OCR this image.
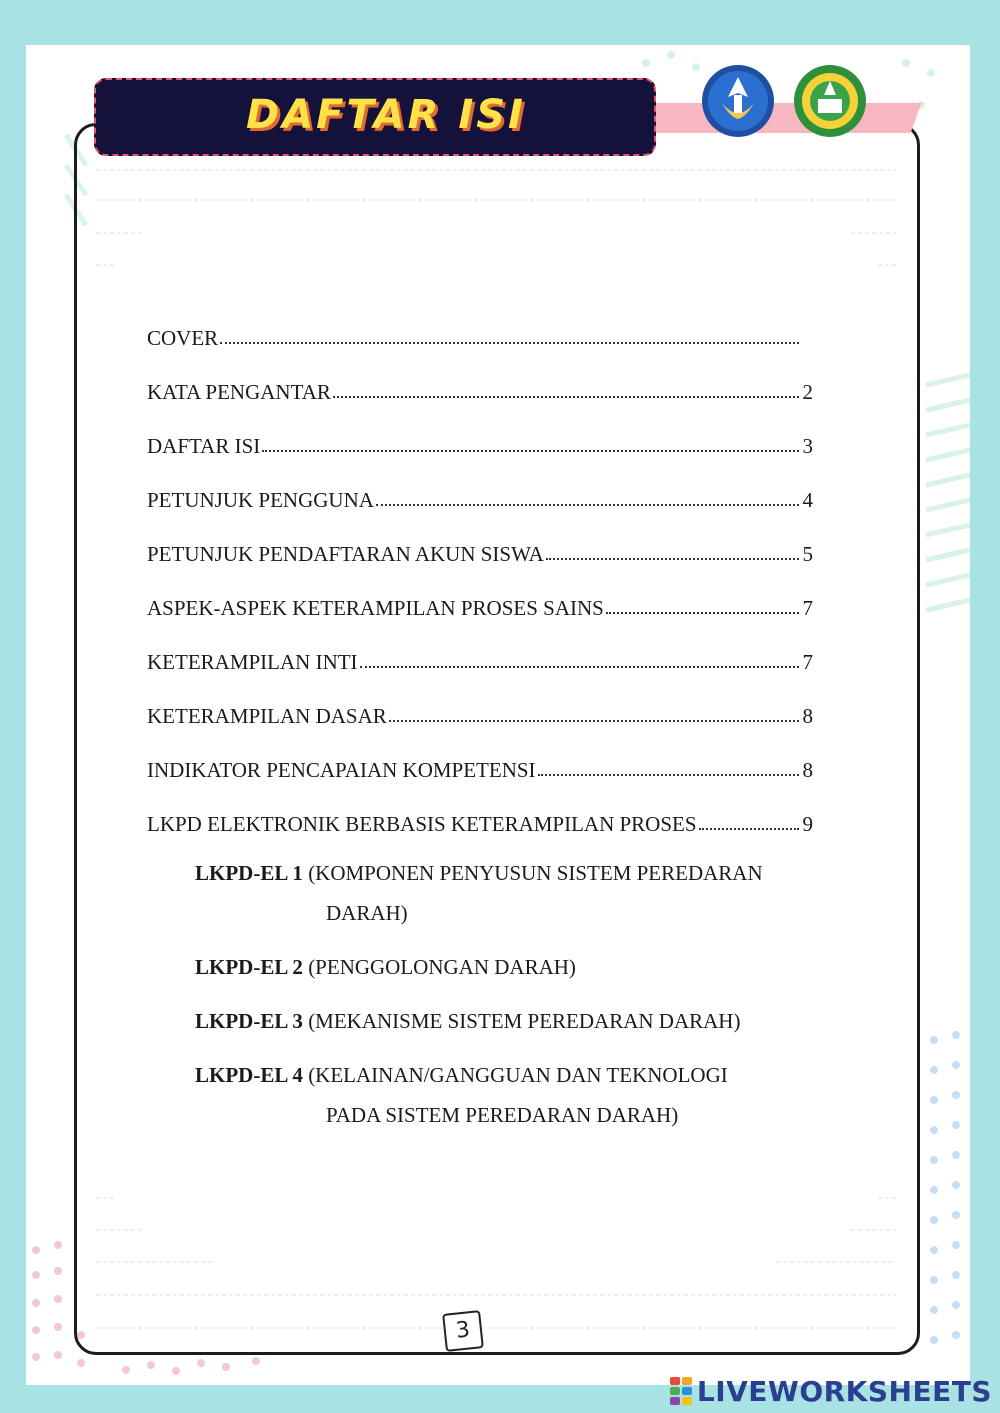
DAFTAR ISI
COVER
KATA PENGANTAR	2
DAFTAR ISI	3
PETUNJUK PENGGUNA	4
PETUNJUK PENDAFTARAN AKUN SISWA	5
ASPEK-ASPEK KETERAMPILAN PROSES SAINS	7
KETERAMPILAN INTI	7
KETERAMPILAN DASAR	8
INDIKATOR PENCAPAIAN KOMPETENSI	8
LKPD ELEKTRONIK BERBASIS KETERAMPILAN PROSES	9
LKPD-EL 1 (KOMPONEN PENYUSUN SISTEM PEREDARAN
DARAH)
LKPD-EL 2 (PENGGOLONGAN DARAH)
LKPD-EL 3 (MEKANISME SISTEM PEREDARAN DARAH)
LKPD-EL 4 (KELAINAN/GANGGUAN DAN TEKNOLOGI
PADA SISTEM PEREDARAN DARAH)
3
LIVEWORKSHEETS
